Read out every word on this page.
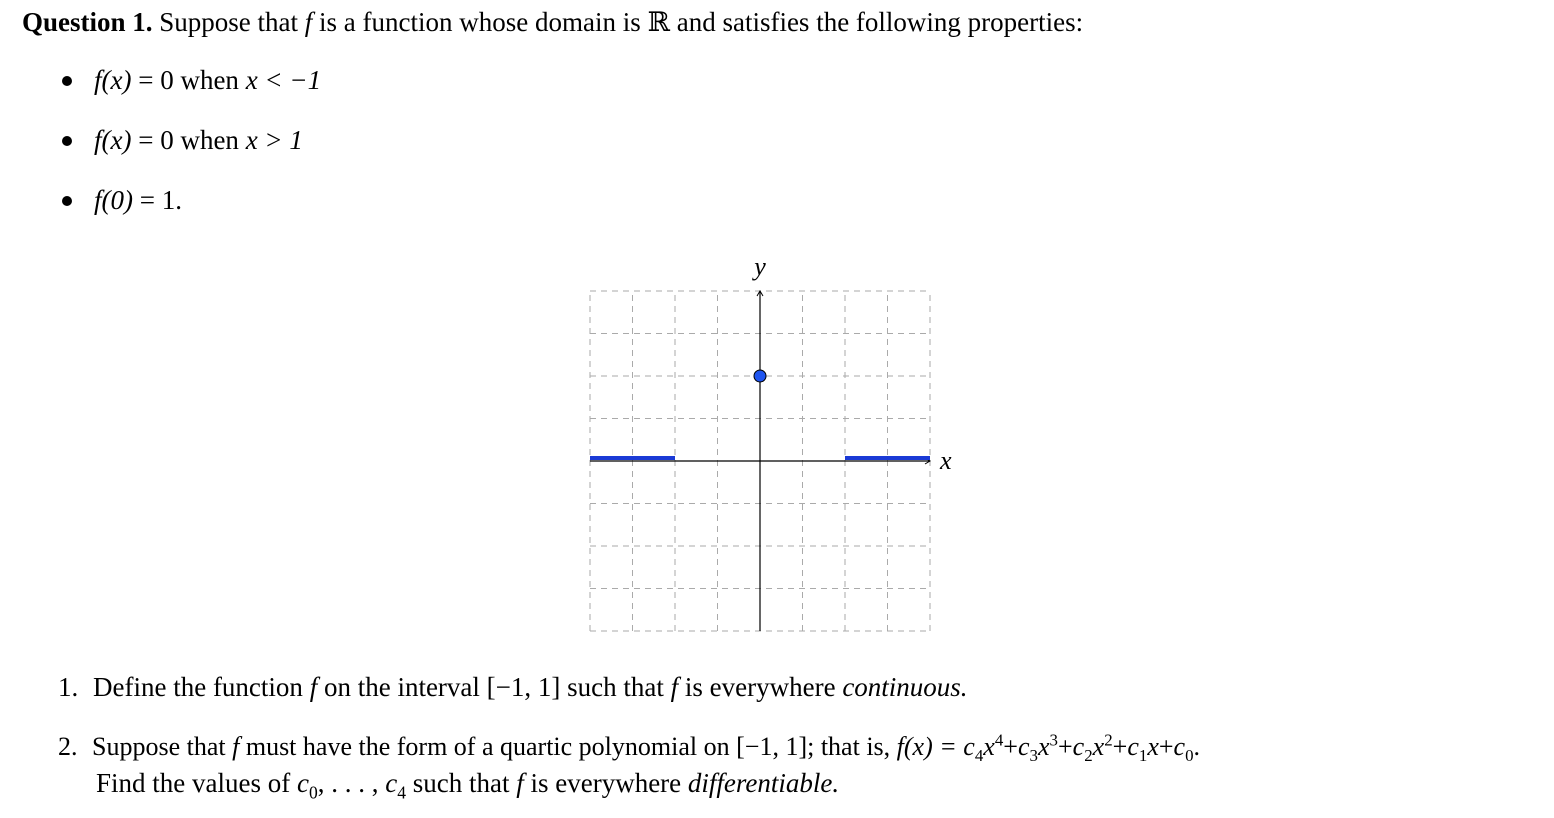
Question 1. Suppose that f is a function whose domain is ℝ and satisfies the following properties:
f(x) = 0 when x < −1
f(x) = 0 when x > 1
f(0) = 1.
x
y
1. Define the function f on the interval [−1, 1] such that f is everywhere continuous.
2. Suppose that f must have the form of a quartic polynomial on [−1, 1]; that is, $f(x) = c_4x^4+c_3x^3+c_2x^2+c_1x+c_0$.
Find the values of $c_0$, . . . , $c_4$ such that f is everywhere differentiable.
